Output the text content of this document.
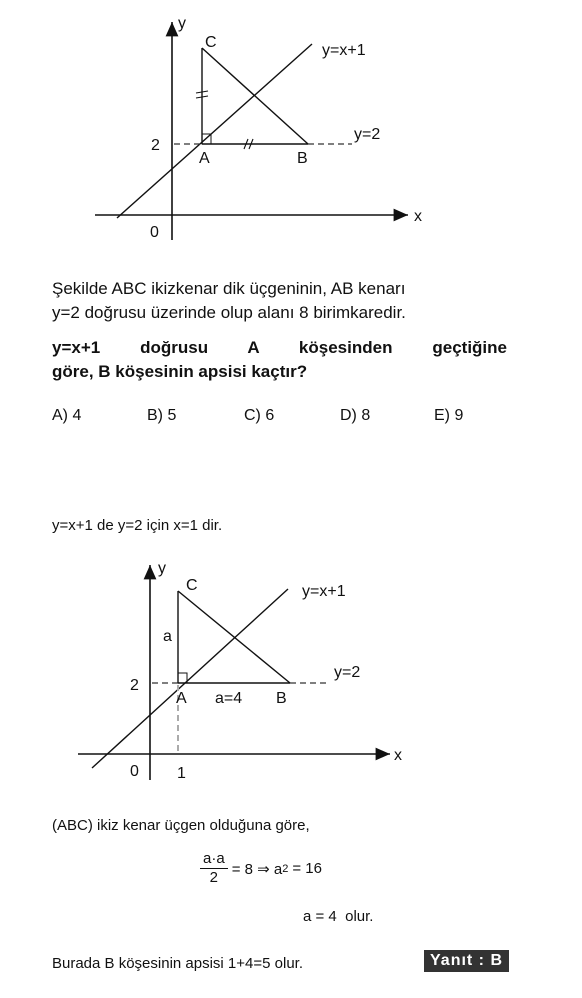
y
x
0
2
C
A	B
y=x+1
y=2
Şekilde ABC ikizkenar dik üçgeninin, AB kenarı
y=2 doğrusu üzerinde olup alanı 8 birimkaredir.
y=x+1 doğrusu A köşesinden geçtiğine
göre, B köşesinin apsisi kaçtır?
A) 4	B) 5	C) 6	D) 8	E) 9
y=x+1 de y=2 için x=1 dir.
y
x
0 1
2
C
A	B
a
a=4
y=x+1
y=2
(ABC) ikiz kenar üçgen olduğuna göre,
$\frac{a\cdot a}{2} = 8$ ⇒ a 2 = 16
a = 4  olur.
Burada B köşesinin apsisi 1+4=5 olur.	Yanıt : B
